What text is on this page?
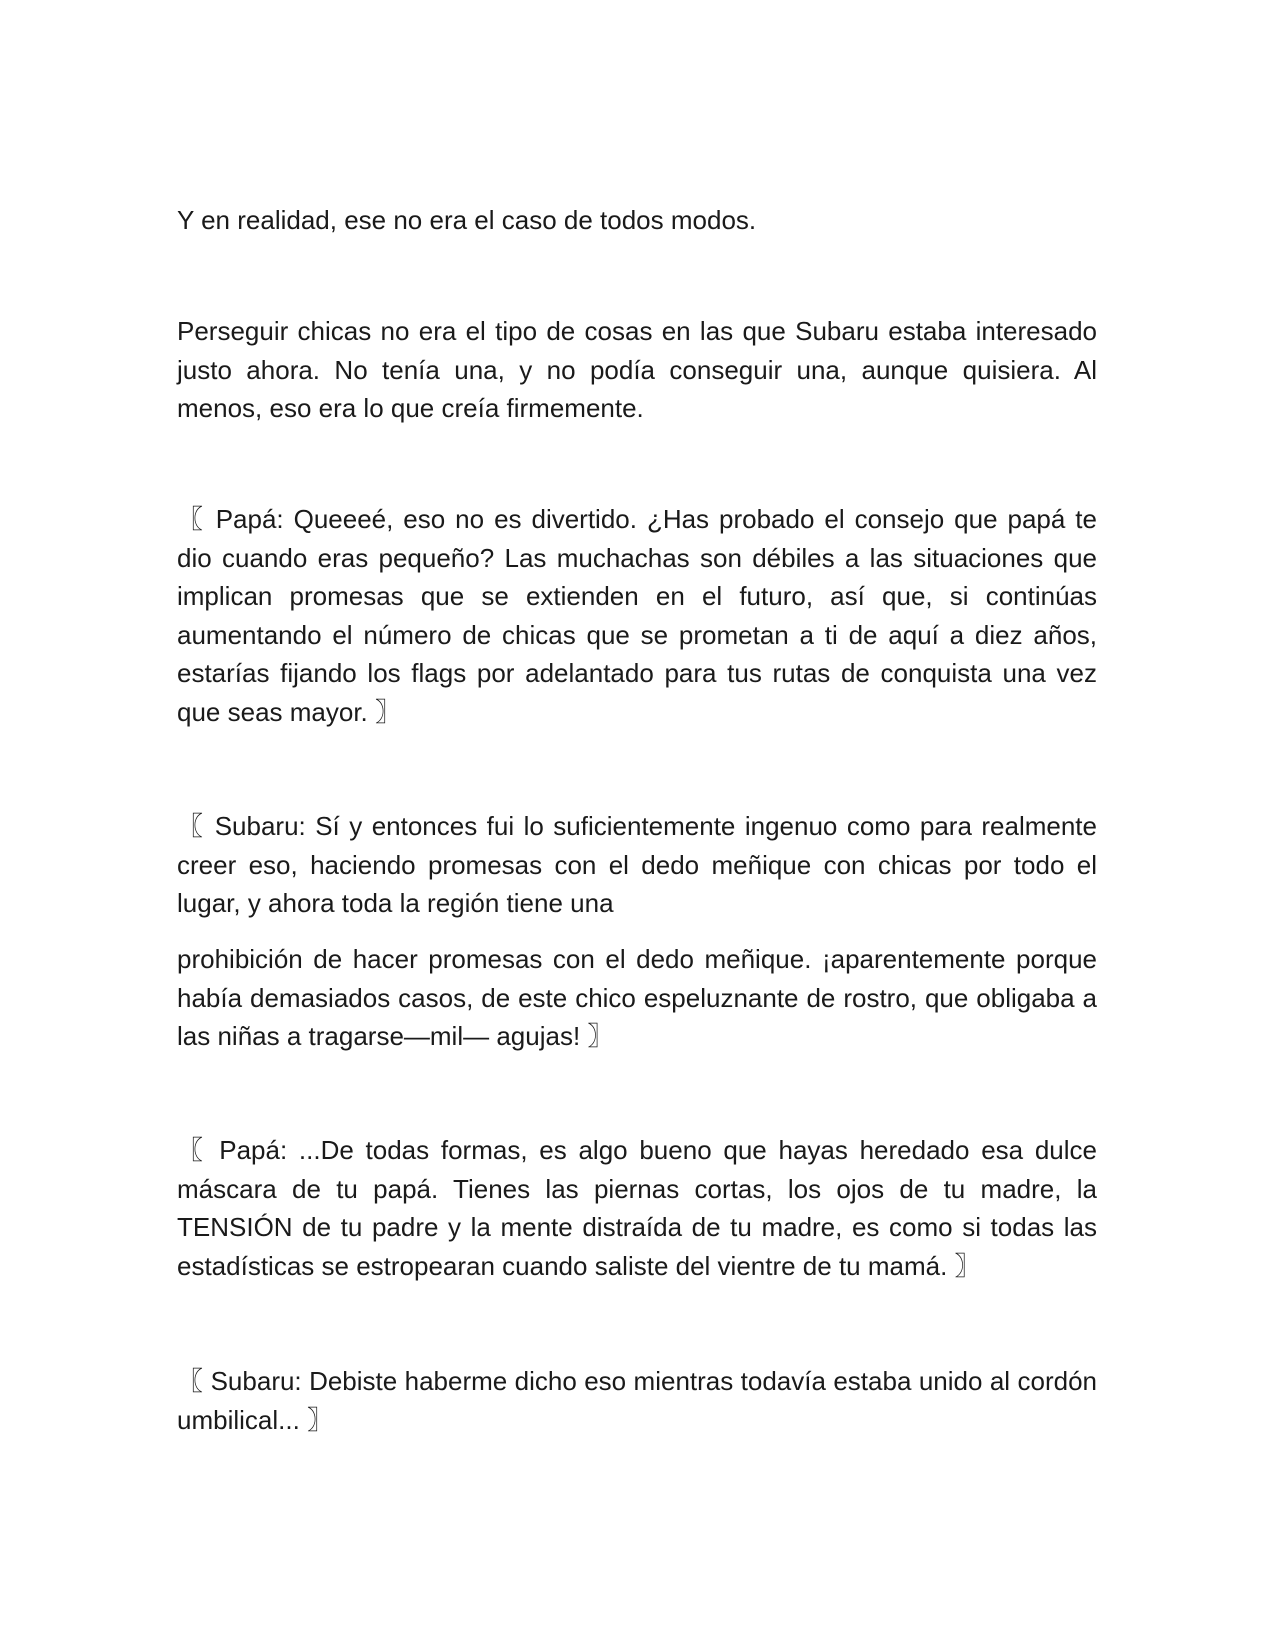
Y en realidad, ese no era el caso de todos modos.

Perseguir chicas no era el tipo de cosas en las que Subaru estaba interesado justo ahora. No tenía una, y no podía conseguir una, aunque quisiera. Al menos, eso era lo que creía firmemente.

〖 Papá: Queeeé, eso no es divertido. ¿Has probado el consejo que papá te dio cuando eras pequeño? Las muchachas son débiles a las situaciones que implican promesas que se extienden en el futuro, así que, si continúas aumentando el número de chicas que se prometan a ti de aquí a diez años, estarías fijando los flags por adelantado para tus rutas de conquista una vez que seas mayor. 〗

〖 Subaru: Sí y entonces fui lo suficientemente ingenuo como para realmente creer eso, haciendo promesas con el dedo meñique con chicas por todo el lugar, y ahora toda la región tiene una

prohibición de hacer promesas con el dedo meñique. ¡aparentemente porque había demasiados casos, de este chico espeluznante de rostro, que obligaba a las niñas a tragarse—mil— agujas! 〗

〖 Papá: ...De todas formas, es algo bueno que hayas heredado esa dulce máscara de tu papá. Tienes las piernas cortas, los ojos de tu madre, la TENSIÓN de tu padre y la mente distraída de tu madre, es como si todas las estadísticas se estropearan cuando saliste del vientre de tu mamá. 〗

〖 Subaru: Debiste haberme dicho eso mientras todavía estaba unido al cordón umbilical... 〗
